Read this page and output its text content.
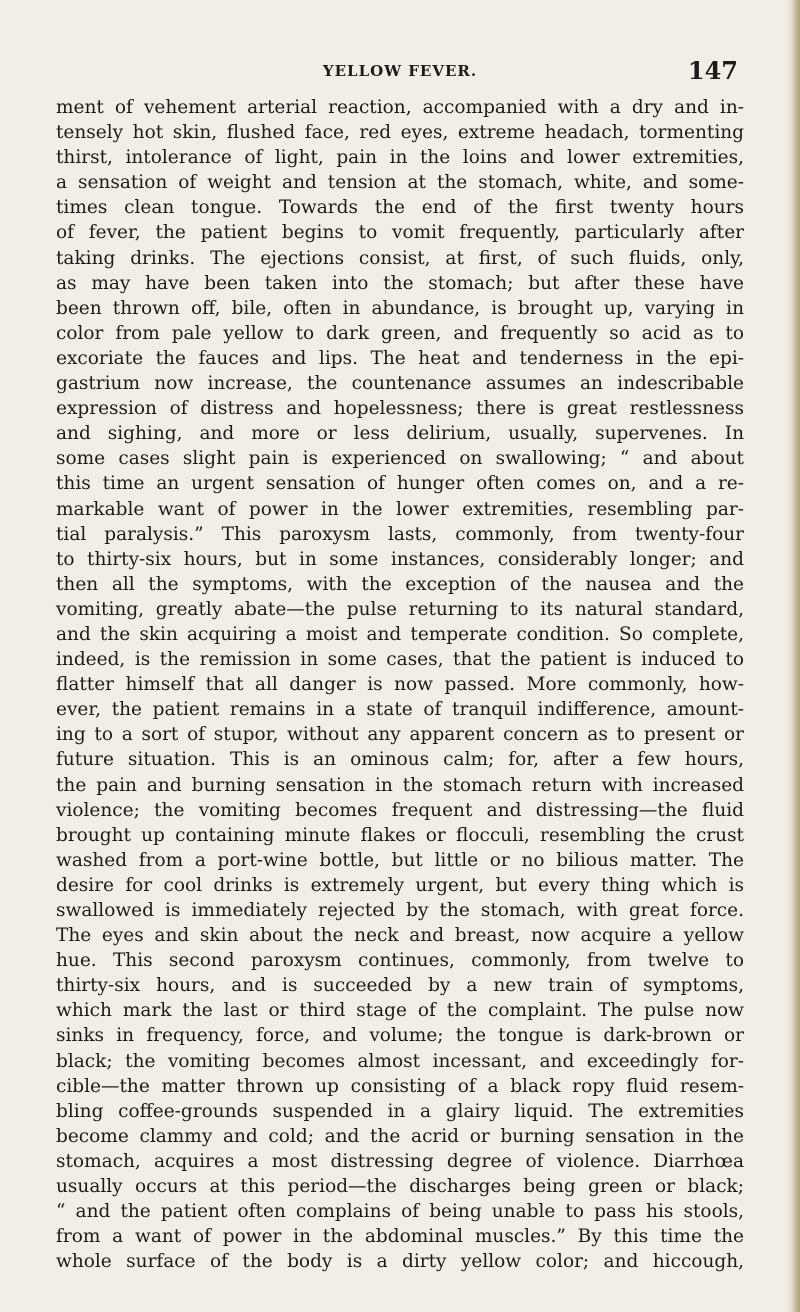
YELLOW FEVER.	147
ment of vehement arterial reaction, accompanied with a dry and in-
tensely hot skin, flushed face, red eyes, extreme headach, tormenting
thirst, intolerance of light, pain in the loins and lower extremities,
a sensation of weight and tension at the stomach, white, and some-
times clean tongue. Towards the end of the first twenty hours
of fever, the patient begins to vomit frequently, particularly after
taking drinks. The ejections consist, at first, of such fluids, only,
as may have been taken into the stomach; but after these have
been thrown off, bile, often in abundance, is brought up, varying in
color from pale yellow to dark green, and frequently so acid as to
excoriate the fauces and lips. The heat and tenderness in the epi-
gastrium now increase, the countenance assumes an indescribable
expression of distress and hopelessness; there is great restlessness
and sighing, and more or less delirium, usually, supervenes. In
some cases slight pain is experienced on swallowing; “ and about
this time an urgent sensation of hunger often comes on, and a re-
markable want of power in the lower extremities, resembling par-
tial paralysis.” This paroxysm lasts, commonly, from twenty-four
to thirty-six hours, but in some instances, considerably longer; and
then all the symptoms, with the exception of the nausea and the
vomiting, greatly abate—the pulse returning to its natural standard,
and the skin acquiring a moist and temperate condition. So complete,
indeed, is the remission in some cases, that the patient is induced to
flatter himself that all danger is now passed. More commonly, how-
ever, the patient remains in a state of tranquil indifference, amount-
ing to a sort of stupor, without any apparent concern as to present or
future situation. This is an ominous calm; for, after a few hours,
the pain and burning sensation in the stomach return with increased
violence; the vomiting becomes frequent and distressing—the fluid
brought up containing minute flakes or flocculi, resembling the crust
washed from a port-wine bottle, but little or no bilious matter. The
desire for cool drinks is extremely urgent, but every thing which is
swallowed is immediately rejected by the stomach, with great force.
The eyes and skin about the neck and breast, now acquire a yellow
hue. This second paroxysm continues, commonly, from twelve to
thirty-six hours, and is succeeded by a new train of symptoms,
which mark the last or third stage of the complaint. The pulse now
sinks in frequency, force, and volume; the tongue is dark-brown or
black; the vomiting becomes almost incessant, and exceedingly for-
cible—the matter thrown up consisting of a black ropy fluid resem-
bling coffee-grounds suspended in a glairy liquid. The extremities
become clammy and cold; and the acrid or burning sensation in the
stomach, acquires a most distressing degree of violence. Diarrhœa
usually occurs at this period—the discharges being green or black;
“ and the patient often complains of being unable to pass his stools,
from a want of power in the abdominal muscles.” By this time the
whole surface of the body is a dirty yellow color; and hiccough,
